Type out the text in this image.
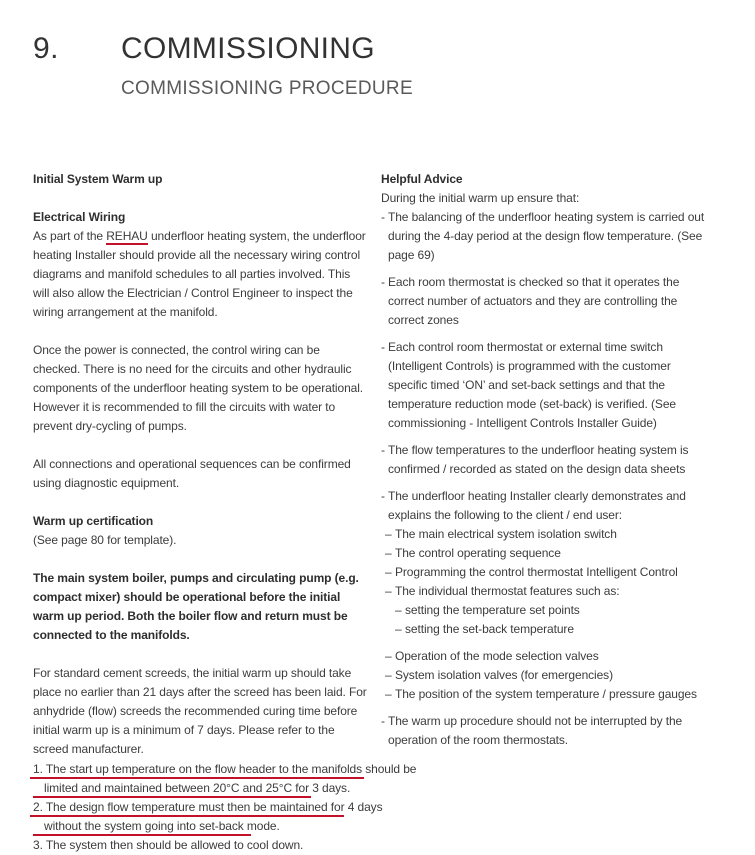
9. COMMISSIONING
COMMISSIONING PROCEDURE
Initial System Warm up
Electrical Wiring
As part of the REHAU underfloor heating system, the underfloor heating Installer should provide all the necessary wiring control diagrams and manifold schedules to all parties involved. This will also allow the Electrician / Control Engineer to inspect the wiring arrangement at the manifold.
Once the power is connected, the control wiring can be checked. There is no need for the circuits and other hydraulic components of the underfloor heating system to be operational. However it is recommended to fill the circuits with water to prevent dry-cycling of pumps.
All connections and operational sequences can be confirmed using diagnostic equipment.
Warm up certification
(See page 80 for template).
The main system boiler, pumps and circulating pump (e.g. compact mixer) should be operational before the initial warm up period. Both the boiler flow and return must be connected to the manifolds.
For standard cement screeds, the initial warm up should take place no earlier than 21 days after the screed has been laid. For anhydride (flow) screeds the recommended curing time before initial warm up is a minimum of 7 days. Please refer to the screed manufacturer.
1. The start up temperature on the flow header to the manifolds should be
limited and maintained between 20°C and 25°C for 3 days.
2. The design flow temperature must then be maintained for 4 days
without the system going into set-back mode.
3. The system then should be allowed to cool down.
Helpful Advice
During the initial warm up ensure that:
- The balancing of the underfloor heating system is carried out during the 4-day period at the design flow temperature. (See page 69)
- Each room thermostat is checked so that it operates the correct number of actuators and they are controlling the correct zones
- Each control room thermostat or external time switch (Intelligent Controls) is programmed with the customer specific timed ‘ON’ and set-back settings and that the temperature reduction mode (set-back) is verified. (See commissioning - Intelligent Controls Installer Guide)
- The flow temperatures to the underfloor heating system is confirmed / recorded as stated on the design data sheets
- The underfloor heating Installer clearly demonstrates and explains the following to the client / end user:
– The main electrical system isolation switch
– The control operating sequence
– Programming the control thermostat Intelligent Control
– The individual thermostat features such as:
– setting the temperature set points
– setting the set-back temperature
– Operation of the mode selection valves
– System isolation valves (for emergencies)
– The position of the system temperature / pressure gauges
- The warm up procedure should not be interrupted by the operation of the room thermostats.
